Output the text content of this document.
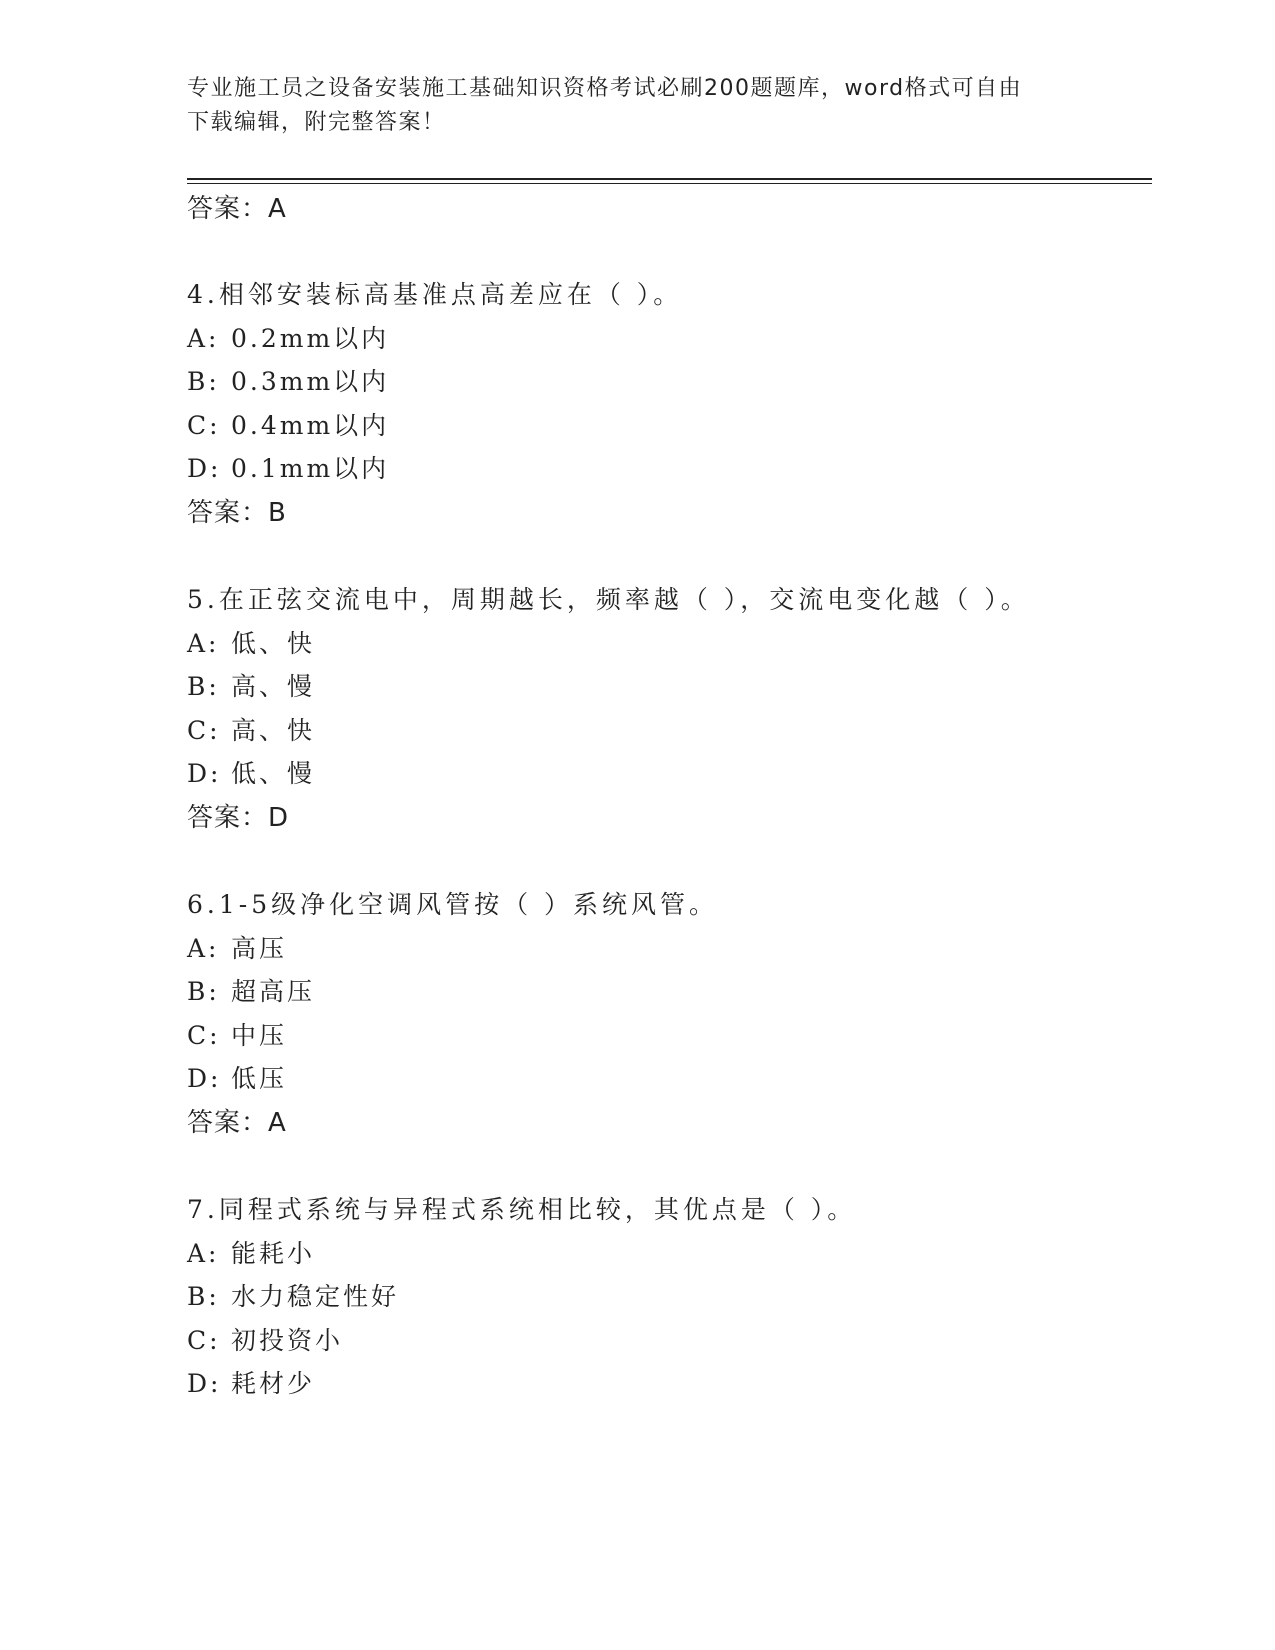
专业施工员之设备安装施工基础知识资格考试必刷200题题库，word格式可自由
下载编辑，附完整答案！
答案：A
4.相邻安装标高基准点高差应在（ ）。
A: 0.2mm以内
B: 0.3mm以内
C: 0.4mm以内
D: 0.1mm以内
答案：B
5.在正弦交流电中，周期越长，频率越（ ），交流电变化越（ ）。
A: 低、快
B: 高、慢
C: 高、快
D: 低、慢
答案：D
6.1-5级净化空调风管按（ ）系统风管。
A: 高压
B: 超高压
C: 中压
D: 低压
答案：A
7.同程式系统与异程式系统相比较，其优点是（ ）。
A: 能耗小
B: 水力稳定性好
C: 初投资小
D: 耗材少
